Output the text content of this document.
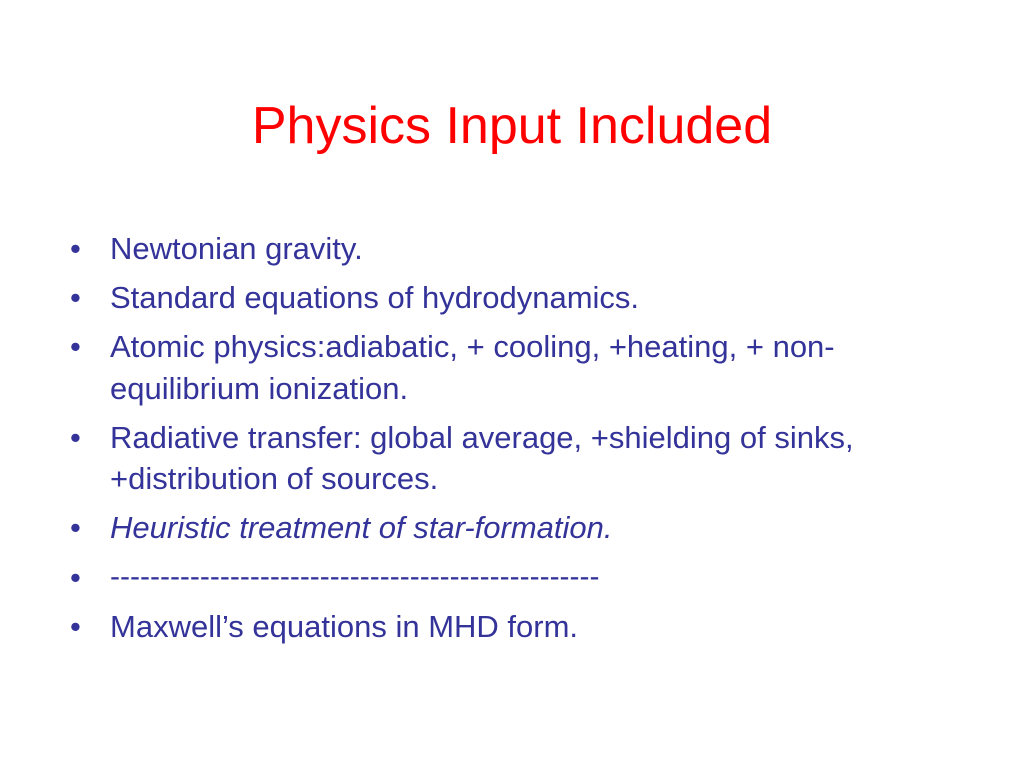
Physics Input Included
• Newtonian gravity.
• Standard equations of hydrodynamics.
• Atomic physics:adiabatic, + cooling, +heating, + non-equilibrium ionization.
• Radiative transfer: global average, +shielding of sinks, +distribution of sources.
• Heuristic treatment of star-formation.
• -------------------------------------------------
• Maxwell’s equations in MHD form.
